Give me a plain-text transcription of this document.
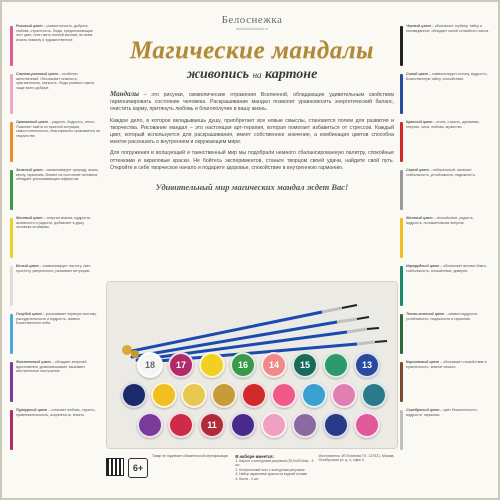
Розовый цвет – романтичность, доброта, любовь, страстность. Люди, предпочитающие этот цвет, хотят жить полной жизнью, во всем искать новизну и художественное.
Светло-розовый цвет – особенно женственный. Обозначает нежность, чувственность, мягкость. Люди розового цвета чаще всего добрые.
Оранжевый цвет – радость, бодрость, тепло. Помогает выйти из тяжелой ситуации, самостоятельность, благоприятно сказывается на творчестве.
Зеленый цвет – символизирует природу, жизнь, весну, гармонию. Влияет на состояние человека, обладает успокаивающим эффектом.
Желтый цвет – энергия знания, мудрости, активности и радости, добавляет в душу человека оптимизм.
Белый цвет – символизирует чистоту, свет, простоту, уверенность, развивает интуицию.
Голубой цвет – успокаивает нервную систему, рассудительность и мудрость, символ Божественного неба.
Фиолетовый цвет – обладает энергией вдохновения, уравновешивает, вызывает мечтательное настроение.
Пурпурный цвет – означает любовь, страсть, привлекательность, искренность, власть.
Черный цвет – обозначает глубину, тайну и неизведанное, обладает силой стихийного хаоса.
Синий цвет – символизирует истину, мудрость, Божественную тайну, спокойствие.
Красный цвет – огонь, страсть, динамика, энергия, сила, любовь, мужество.
Серый цвет – нейтральный, означает стабильность, устойчивость, надежность.
Желтый цвет – спокойствие, радость, мудрость, положительная энергия.
Изумрудный цвет – обозначает вечные блага, стабильность, спокойствие, доверие.
Темно-зеленый цвет – символ мудрости, устойчивости, надежности и гармонии.
Коричневый цвет – обозначает спокойствие и практичность, земное начало.
Серебряный цвет – цвет бесконечности, мудрости, гармонии.
Белоснежка
www.belosnezhka.ru
Магические мандалы
живопись на картоне
Мандалы – это рисунки, символические отражения Вселенной, обладающие удивительным свойством гармонизировать состояние человека. Раскрашивание мандал позволит уравновесить энергетический баланс, очистить карму, притянуть любовь и благополучие в вашу жизнь.
Каждое дело, в которое вкладываешь душу, приобретает все новые смыслы, становится полем для развития и творчества. Рисование мандал – это настоящая арт-терапия, которая помогает избавиться от стрессов. Каждый цвет, который используется для раскрашивания, имеет собственное значение, а комбинация цветов способна многое рассказать о внутреннем и окружающем мире.
Для погружения в волшующий и таинственный мир мы подобрали немного сбалансированную палитру, спокойные оттенками и акриловые краски. Не бойтесь экспериментов, станьте творцом своей удачи, найдите свой путь. Откройте в себе творческое начало и подарите здоровье, спокойствие в внутреннюю гармонию.
Удивительный мир магических мандал ждет Вас!
18	17	16	14	15	13
11
6+
Товар не подлежит обязательной сертификации	В наборе имеется:
1. Картон с контурным рисунком (29,5х29,5см) - 3 шт.
2. Контрольный лист с контурным рисунком
3. Набор акриловых красок на водной основе
4. Кисти - 4 шт.
Изготовитель: ИП Блинова Т.Е. 127521, Москва, Октябрьская ул. д. 4, офис 4
